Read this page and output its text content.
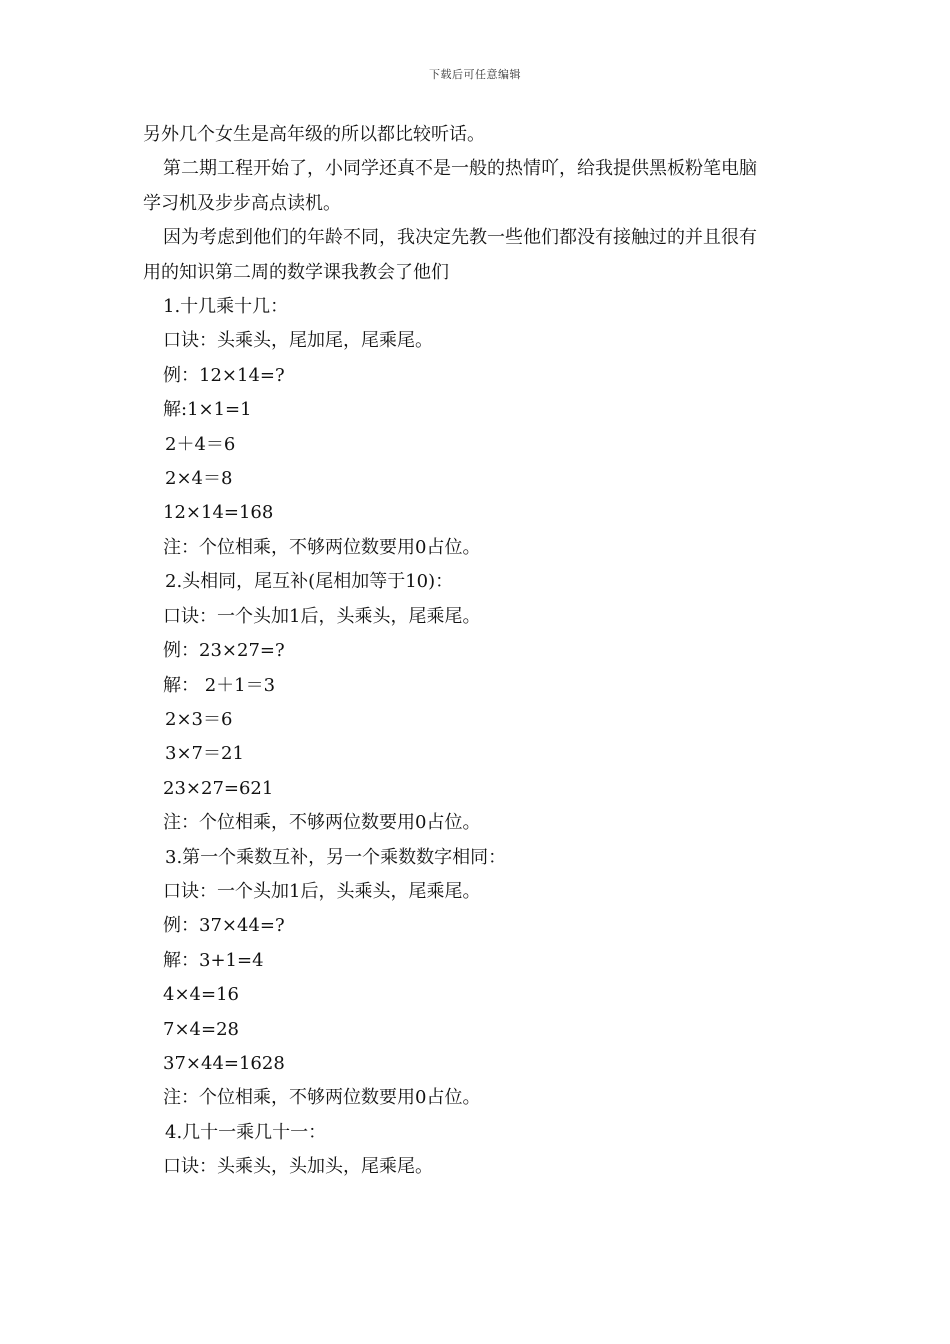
下载后可任意编辑
另外几个女生是高年级的所以都比较听话。
第二期工程开始了，小同学还真不是一般的热情吖，给我提供黑板粉笔电脑
学习机及步步高点读机。
因为考虑到他们的年龄不同，我决定先教一些他们都没有接触过的并且很有
用的知识第二周的数学课我教会了他们
1.十几乘十几：
口诀：头乘头，尾加尾，尾乘尾。
例：12×14=?
解:1×1=1
2＋4＝6
2×4＝8
12×14=168
注：个位相乘，不够两位数要用0占位。
2.头相同，尾互补(尾相加等于10)：
口诀：一个头加1后，头乘头，尾乘尾。
例：23×27=?
解： 2＋1＝3
2×3＝6
3×7＝21
23×27=621
注：个位相乘，不够两位数要用0占位。
3.第一个乘数互补，另一个乘数数字相同：
口诀：一个头加1后，头乘头，尾乘尾。
例：37×44=?
解：3+1=4
4×4=16
7×4=28
37×44=1628
注：个位相乘，不够两位数要用0占位。
4.几十一乘几十一：
口诀：头乘头，头加头，尾乘尾。
